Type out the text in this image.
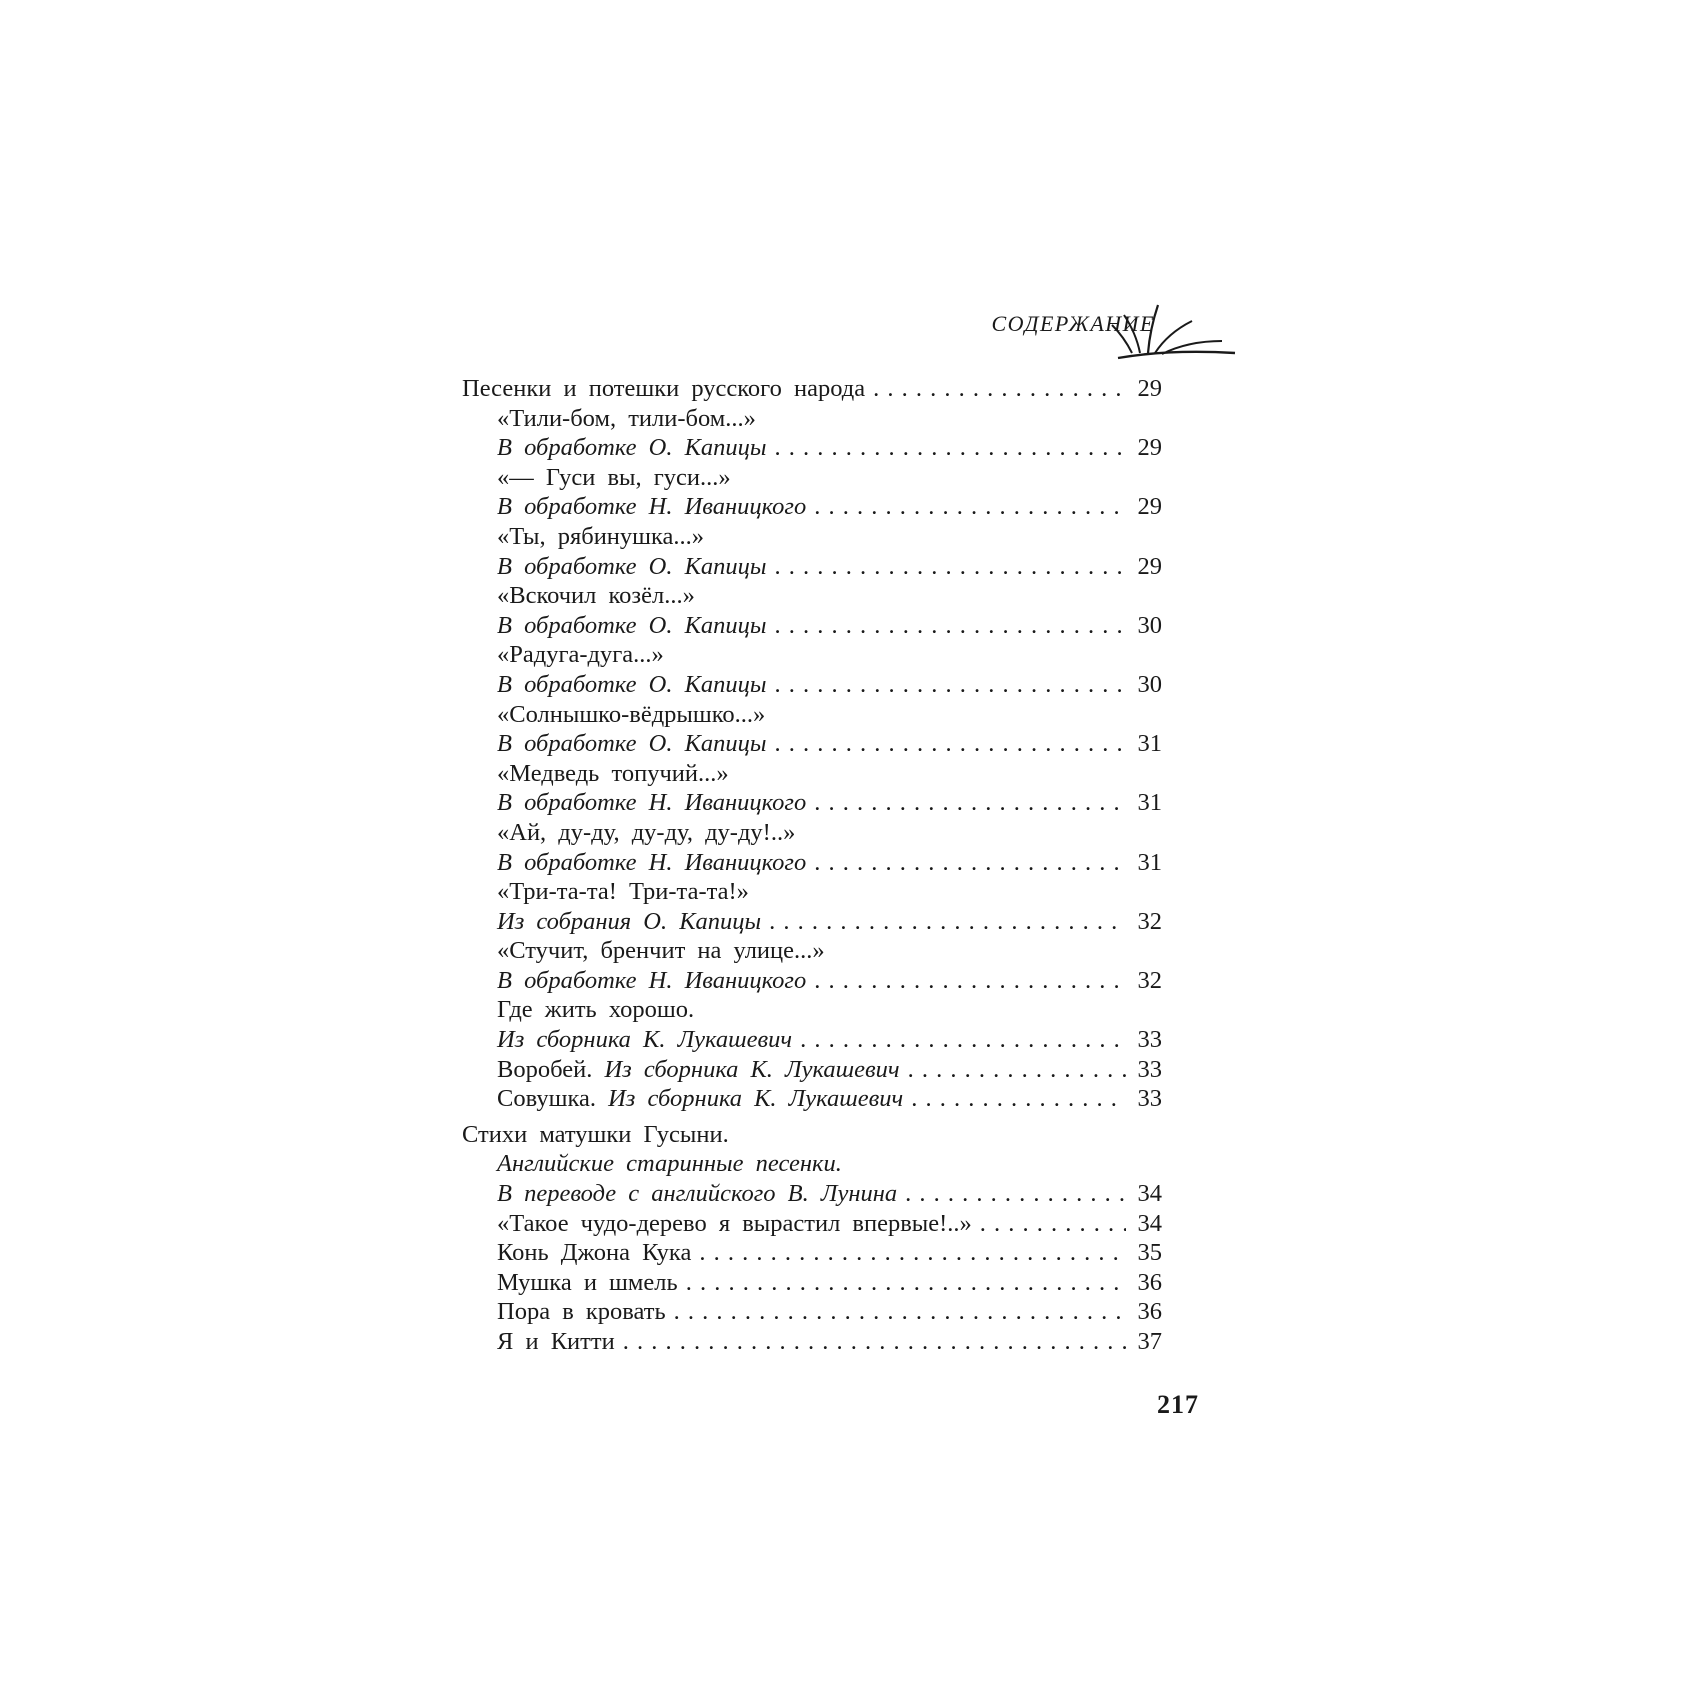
СОДЕРЖАНИЕ
Песенки и потешки русского народа . . .	29
«Тили-бом, тили-бом...»
В обработке О. Капицы . . .	29
«— Гуси вы, гуси...»
В обработке Н. Иваницкого . . .	29
«Ты, рябинушка...»
В обработке О. Капицы . . .	29
«Вскочил козёл...»
В обработке О. Капицы . . .	30
«Радуга-дуга...»
В обработке О. Капицы . . .	30
«Солнышко-вёдрышко...»
В обработке О. Капицы . . .	31
«Медведь топучий...»
В обработке Н. Иваницкого . . .	31
«Ай, ду-ду, ду-ду, ду-ду!..»
В обработке Н. Иваницкого . . .	31
«Три-та-та! Три-та-та!»
Из собрания О. Капицы . . .	32
«Стучит, бренчит на улице...»
В обработке Н. Иваницкого . . .	32
Где жить хорошо.
Из сборника К. Лукашевич . . .	33
Воробей. Из сборника К. Лукашевич . . .	33
Совушка. Из сборника К. Лукашевич . . .	33
Стихи матушки Гусыни.
Английские старинные песенки.
В переводе с английского В. Лунина . . .	34
«Такое чудо-дерево я вырастил впервые!..» . . .	34
Конь Джона Кука . . .	35
Мушка и шмель . . .	36
Пора в кровать . . .	36
Я и Китти . . .	37
217
